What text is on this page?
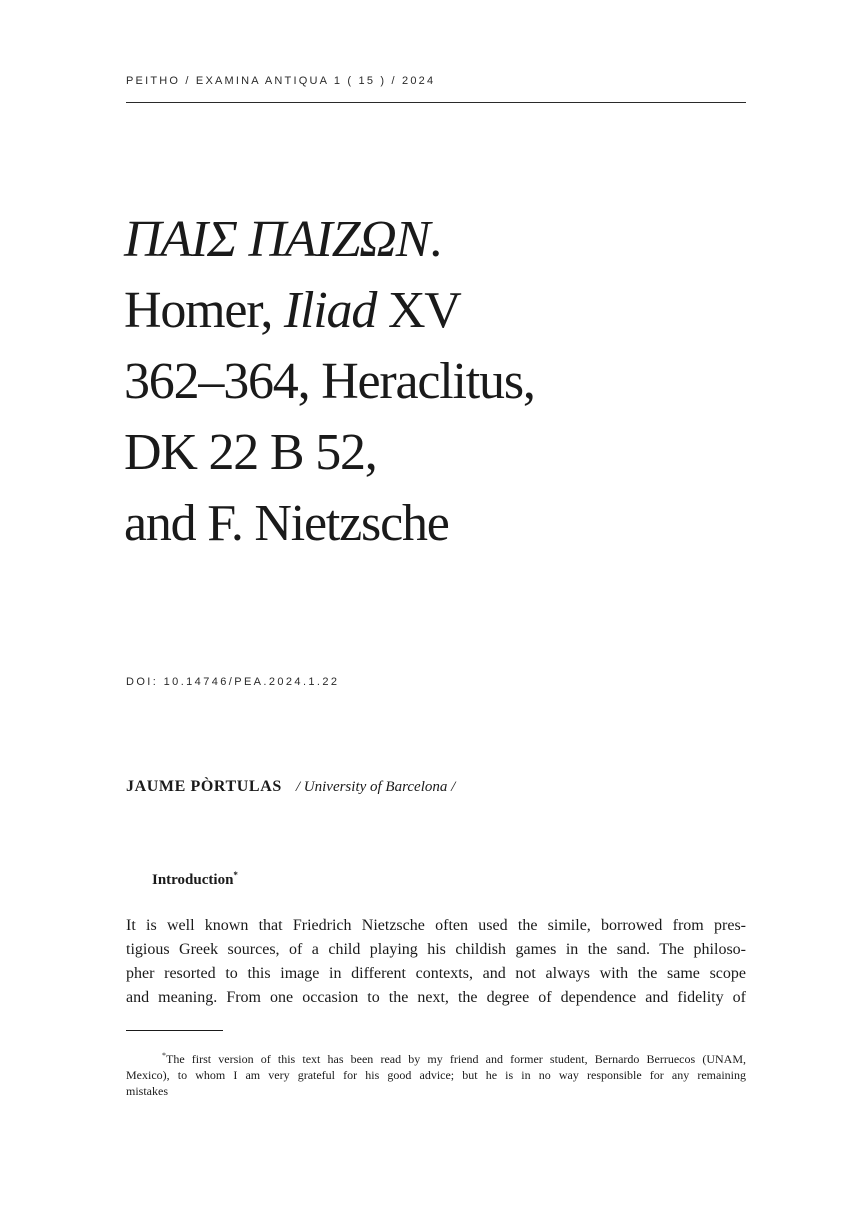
PEITHO / EXAMINA ANTIQUA 1 ( 15 ) / 2024
ΠΑΙΣ ΠΑΙΖΩΝ.
Homer, Iliad XV
362–364, Heraclitus,
DK 22 B 52,
and F. Nietzsche
DOI: 10.14746/PEA.2024.1.22
JAUME PÒRTULAS / University of Barcelona /
Introduction*
It is well known that Friedrich Nietzsche often used the simile, borrowed from pres-
tigious Greek sources, of a child playing his childish games in the sand. The philoso-
pher resorted to this image in different contexts, and not always with the same scope
and meaning. From one occasion to the next, the degree of dependence and fidelity of
*The first version of this text has been read by my friend and former student, Bernardo Berruecos (UNAM,
Mexico), to whom I am very grateful for his good advice; but he is in no way responsible for any remaining
mistakes
